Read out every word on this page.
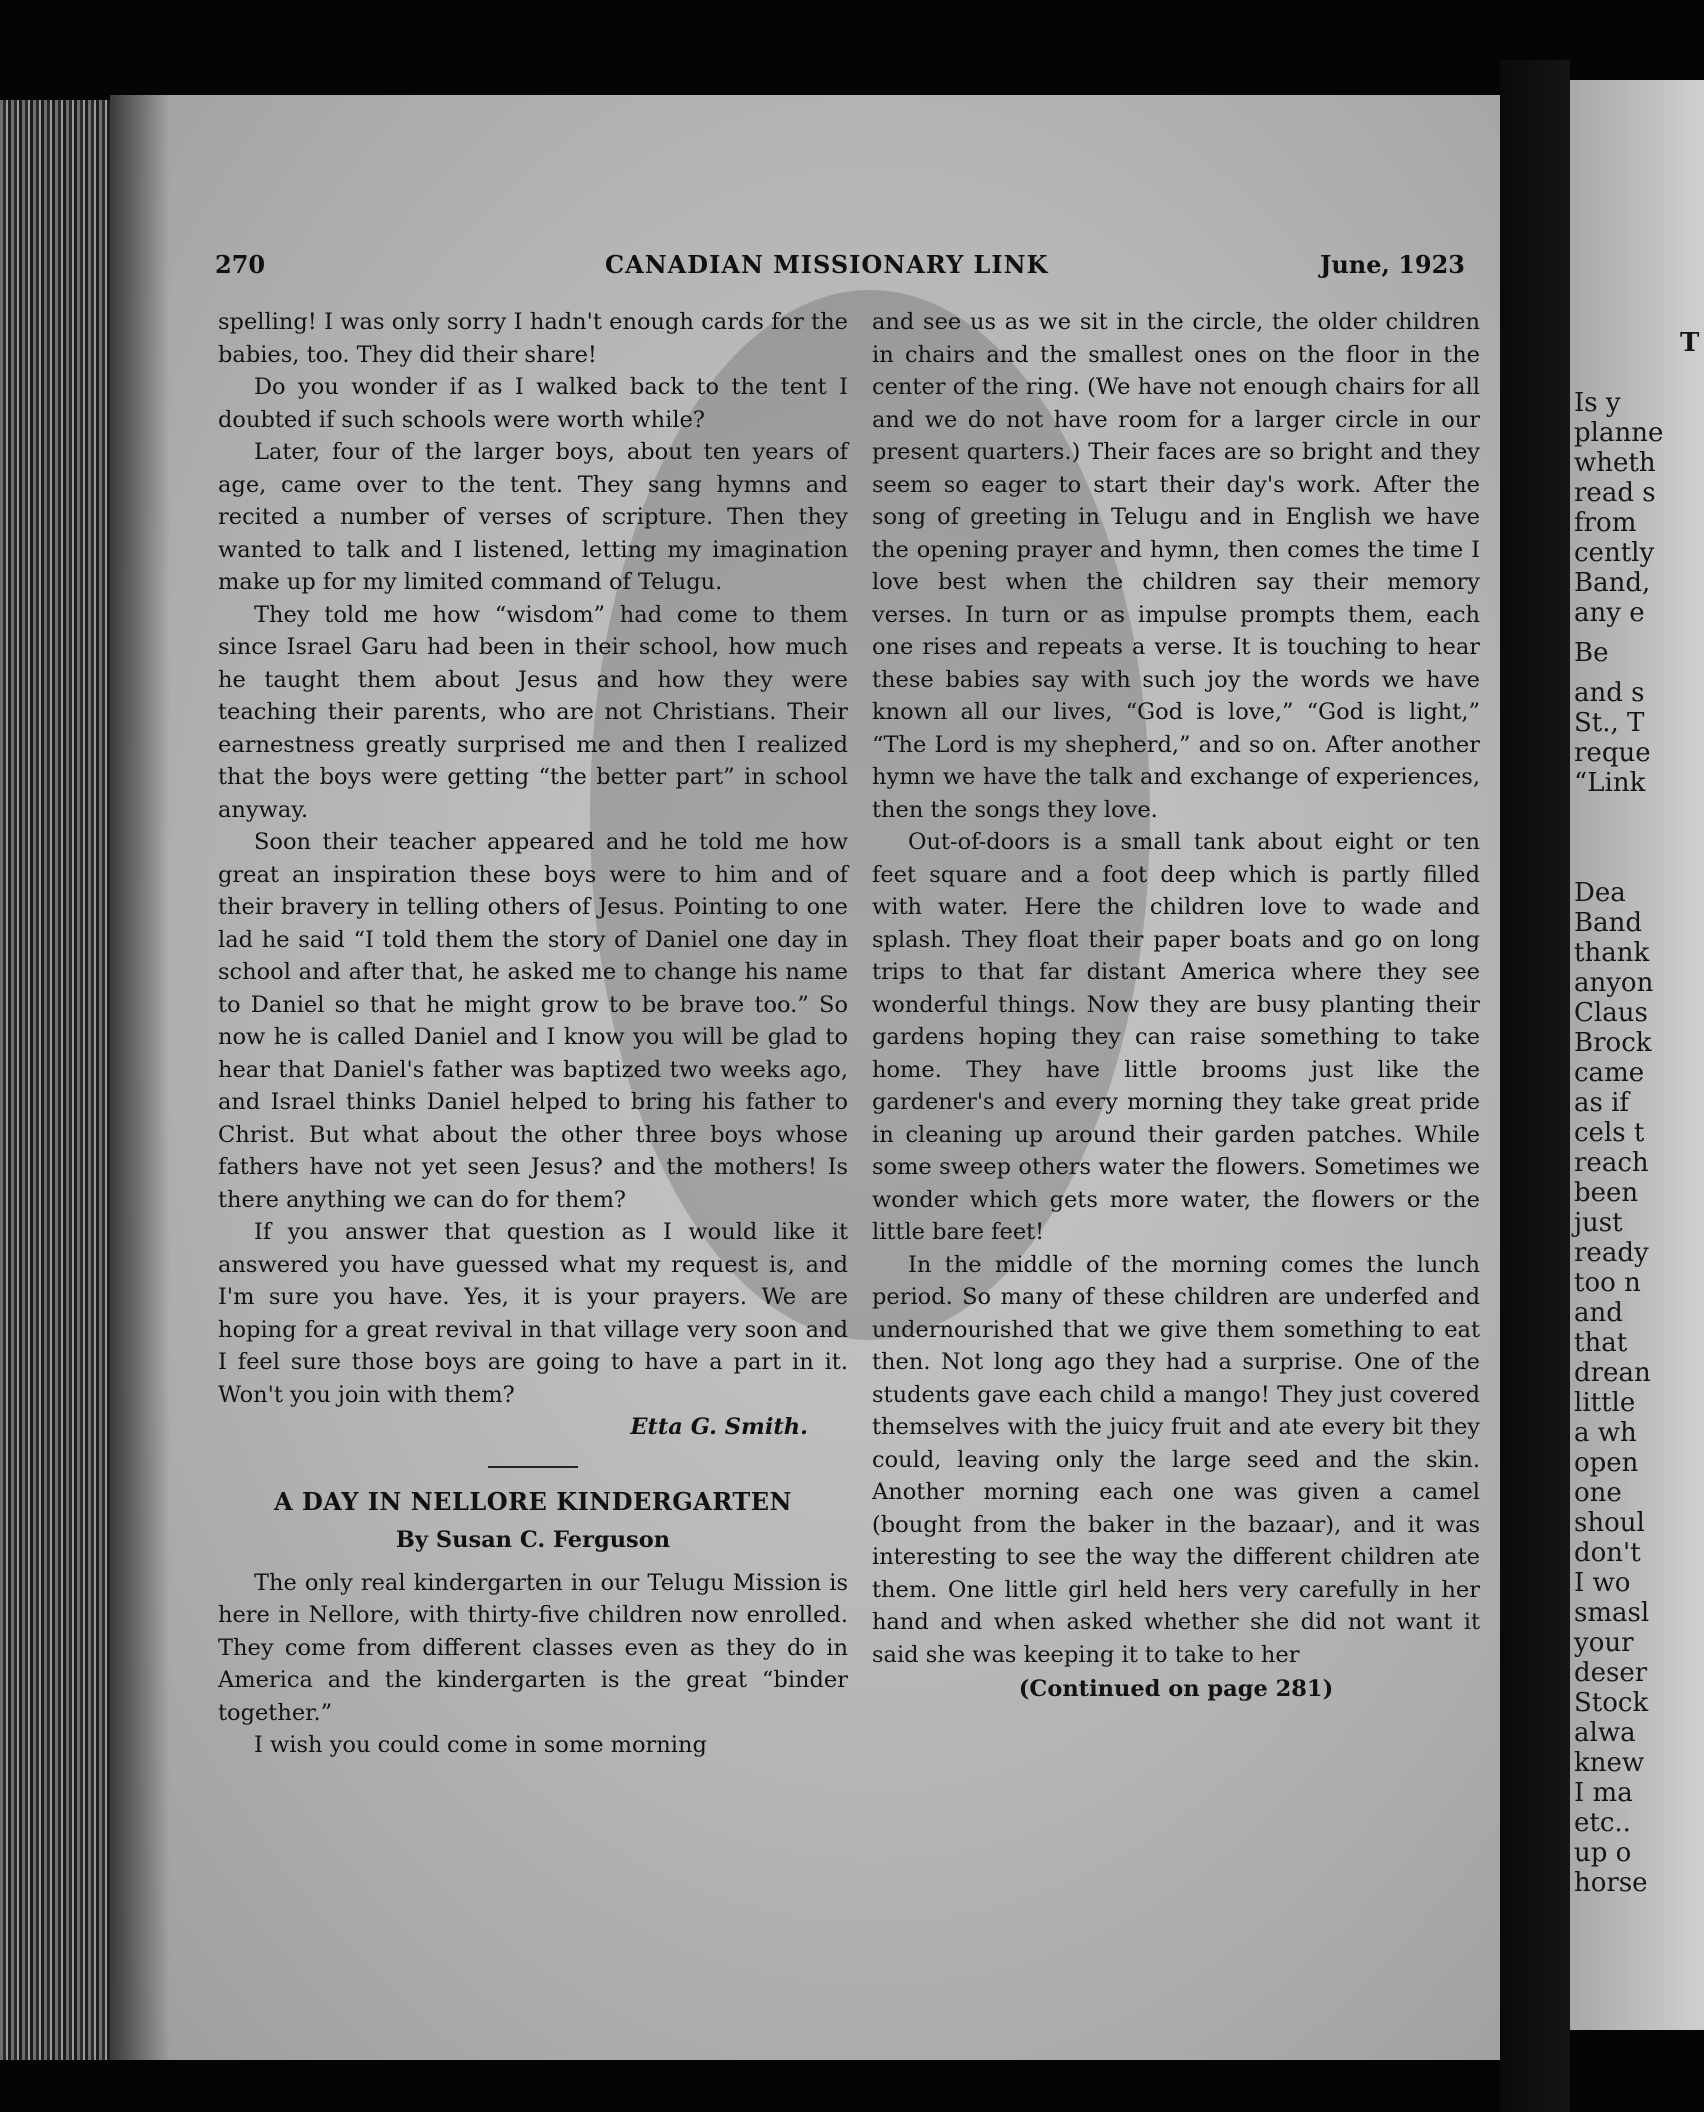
T
Is y
planne
wheth
read s
from
cently
Band,
any e
Be
and s
St., T
reque
“Link
Dea
Band
thank
anyon
Claus
Brock
came
as if
cels t
reach
been
just
ready
too n
and
that
drean
little
a wh
open
one
shoul
don't
I wo
smasl
your
deser
Stock
alwa
knew
I ma
etc..
up o
horse
270	CANADIAN MISSIONARY LINK	June, 1923

spelling! I was only sorry I hadn't enough cards for the babies, too. They did their share!

Do you wonder if as I walked back to the tent I doubted if such schools were worth while?

Later, four of the larger boys, about ten years of age, came over to the tent. They sang hymns and recited a number of verses of scripture. Then they wanted to talk and I listened, letting my imagination make up for my limited command of Telugu.

They told me how “wisdom” had come to them since Israel Garu had been in their school, how much he taught them about Jesus and how they were teaching their parents, who are not Christians. Their earnestness greatly surprised me and then I realized that the boys were getting “the better part” in school anyway.

Soon their teacher appeared and he told me how great an inspiration these boys were to him and of their bravery in telling others of Jesus. Pointing to one lad he said “I told them the story of Daniel one day in school and after that, he asked me to change his name to Daniel so that he might grow to be brave too.” So now he is called Daniel and I know you will be glad to hear that Daniel's father was baptized two weeks ago, and Israel thinks Daniel helped to bring his father to Christ. But what about the other three boys whose fathers have not yet seen Jesus? and the mothers! Is there anything we can do for them?

If you answer that question as I would like it answered you have guessed what my request is, and I'm sure you have. Yes, it is your prayers. We are hoping for a great revival in that village very soon and I feel sure those boys are going to have a part in it. Won't you join with them?

Etta G. Smith.
A DAY IN NELLORE KINDERGARTEN
By Susan C. Ferguson

The only real kindergarten in our Telugu Mission is here in Nellore, with thirty-five children now enrolled. They come from different classes even as they do in America and the kindergarten is the great “binder together.”

I wish you could come in some morning

and see us as we sit in the circle, the older children in chairs and the smallest ones on the floor in the center of the ring. (We have not enough chairs for all and we do not have room for a larger circle in our present quarters.) Their faces are so bright and they seem so eager to start their day's work. After the song of greeting in Telugu and in English we have the opening prayer and hymn, then comes the time I love best when the children say their memory verses. In turn or as impulse prompts them, each one rises and repeats a verse. It is touching to hear these babies say with such joy the words we have known all our lives, “God is love,” “God is light,” “The Lord is my shepherd,” and so on. After another hymn we have the talk and exchange of experiences, then the songs they love.

Out-of-doors is a small tank about eight or ten feet square and a foot deep which is partly filled with water. Here the children love to wade and splash. They float their paper boats and go on long trips to that far distant America where they see wonderful things. Now they are busy planting their gardens hoping they can raise something to take home. They have little brooms just like the gardener's and every morning they take great pride in cleaning up around their garden patches. While some sweep others water the flowers. Sometimes we wonder which gets more water, the flowers or the little bare feet!

In the middle of the morning comes the lunch period. So many of these children are underfed and undernourished that we give them something to eat then. Not long ago they had a surprise. One of the students gave each child a mango! They just covered themselves with the juicy fruit and ate every bit they could, leaving only the large seed and the skin. Another morning each one was given a camel (bought from the baker in the bazaar), and it was interesting to see the way the different children ate them. One little girl held hers very carefully in her hand and when asked whether she did not want it said she was keeping it to take to her

(Continued on page 281)
